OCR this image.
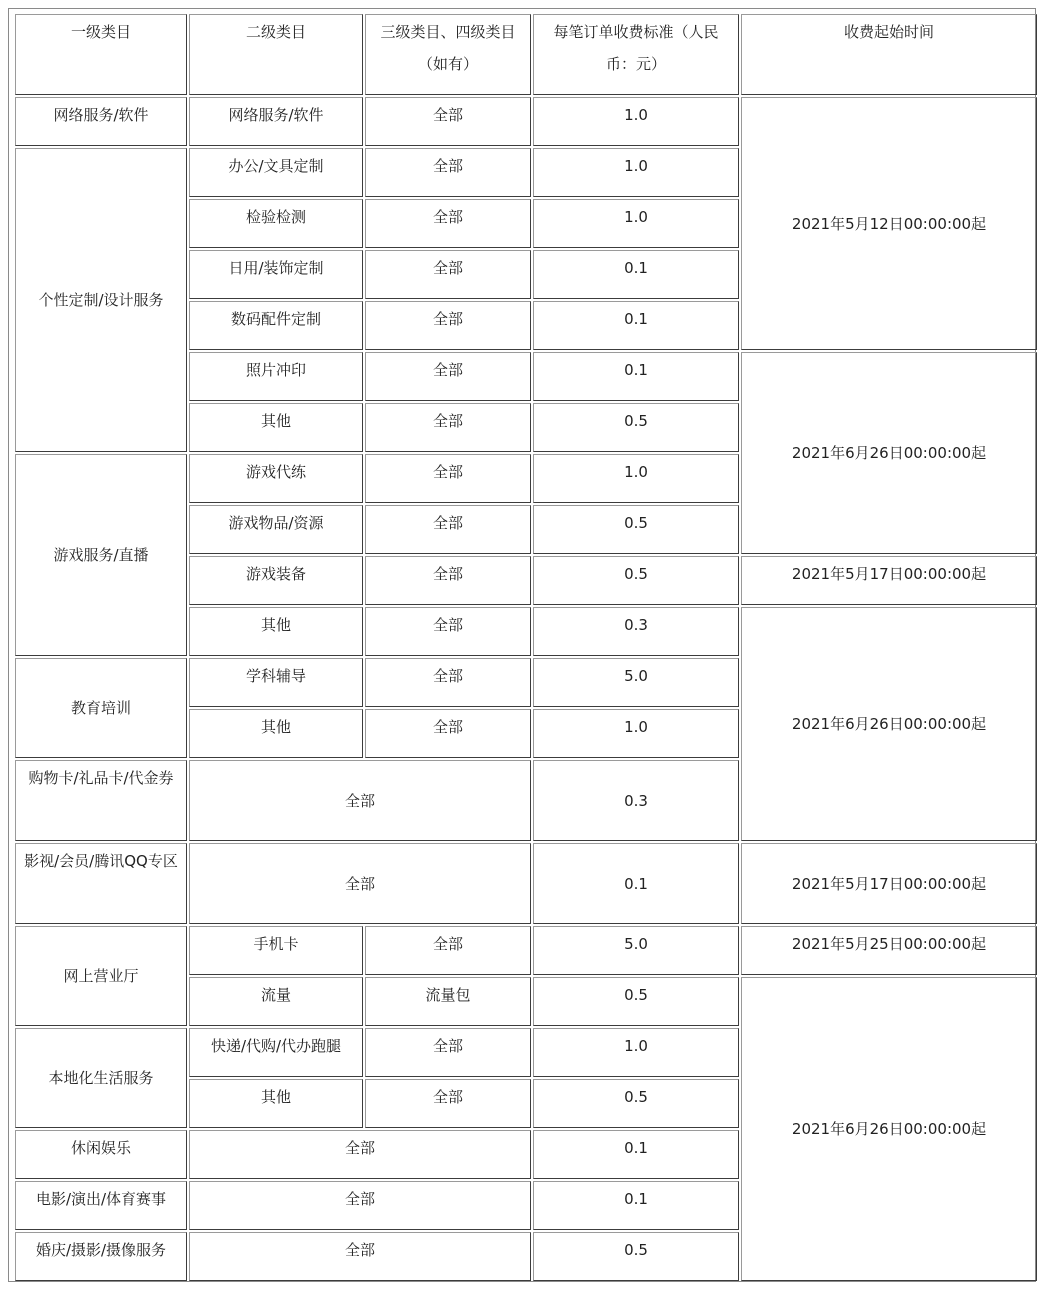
一级类目	二级类目	三级类目、四级类目（如有）	每笔订单收费标准（人民币：元）	收费起始时间
网络服务/软件	网络服务/软件	全部	1.0	2021年5月12日00:00:00起
个性定制/设计服务	办公/文具定制	全部	1.0	
	检验检测	全部	1.0	
	日用/装饰定制	全部	0.1	
	数码配件定制	全部	0.1	
	照片冲印	全部	0.1	2021年6月26日00:00:00起
	其他	全部	0.5	
游戏服务/直播	游戏代练	全部	1.0	
	游戏物品/资源	全部	0.5	
	游戏装备	全部	0.5	2021年5月17日00:00:00起
	其他	全部	0.3	2021年6月26日00:00:00起
教育培训	学科辅导	全部	5.0	
	其他	全部	1.0	
购物卡/礼品卡/代金券	全部		0.3	
影视/会员/腾讯QQ专区	全部		0.1	2021年5月17日00:00:00起
网上营业厅	手机卡	全部	5.0	2021年5月25日00:00:00起
	流量	流量包	0.5	2021年6月26日00:00:00起
本地化生活服务	快递/代购/代办跑腿	全部	1.0	
	其他	全部	0.5	
休闲娱乐	全部		0.1	
电影/演出/体育赛事	全部		0.1	
婚庆/摄影/摄像服务	全部		0.5	
